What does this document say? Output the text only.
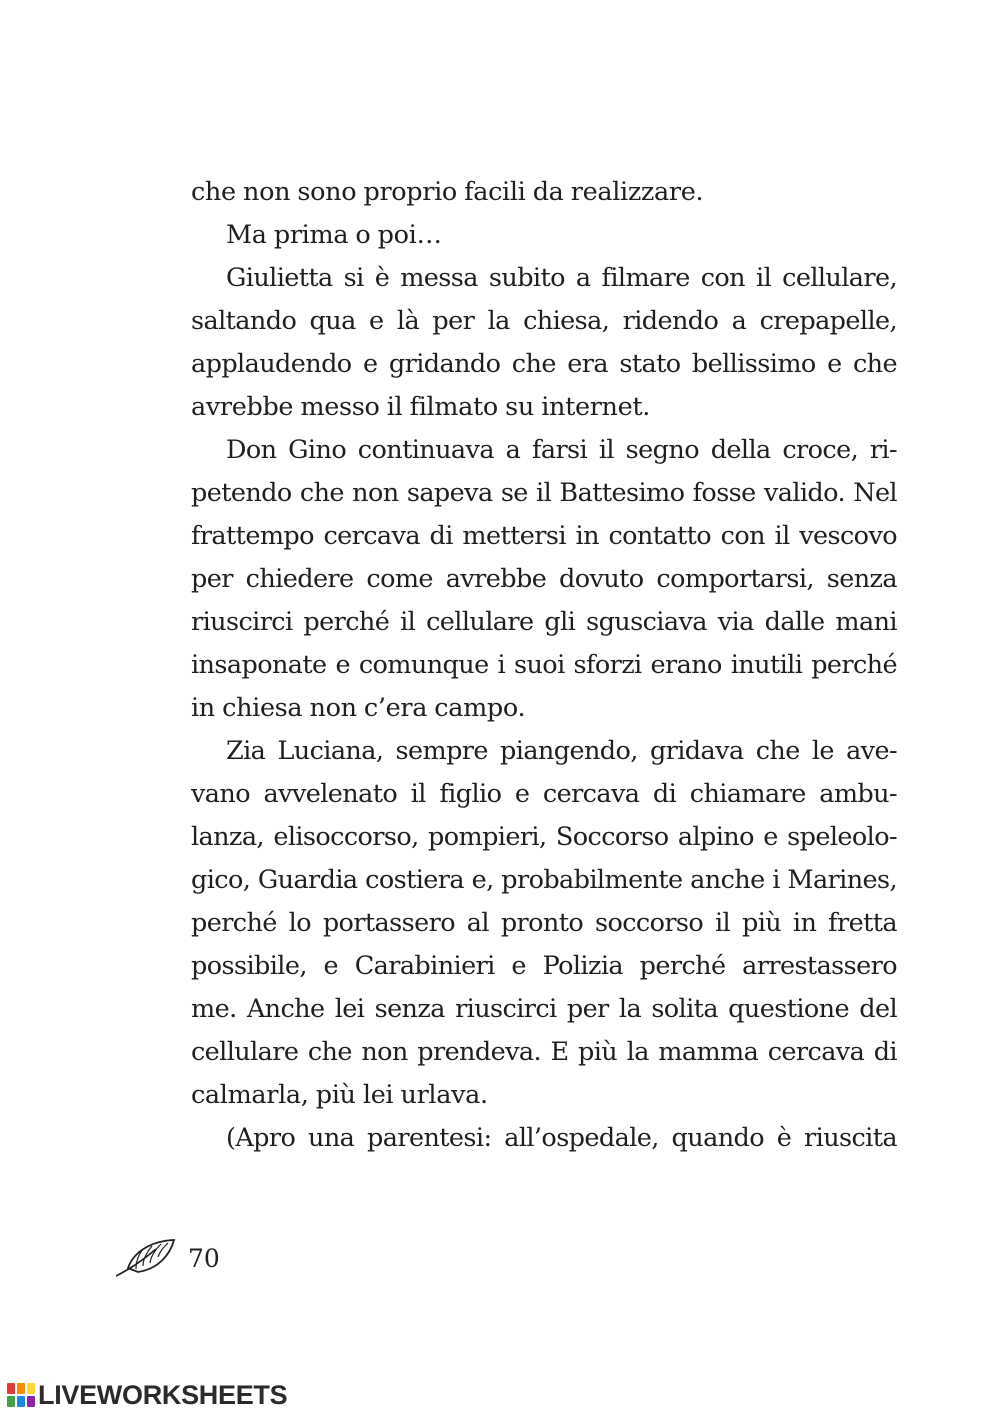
che non sono proprio facili da realizzare.
Ma prima o poi…
Giulietta si è messa subito a filmare con il cellulare,
saltando qua e là per la chiesa, ridendo a crepapelle,
applaudendo e gridando che era stato bellissimo e che
avrebbe messo il filmato su internet.
Don Gino continuava a farsi il segno della croce, ri-
petendo che non sapeva se il Battesimo fosse valido. Nel
frattempo cercava di mettersi in contatto con il vescovo
per chiedere come avrebbe dovuto comportarsi, senza
riuscirci perché il cellulare gli sgusciava via dalle mani
insaponate e comunque i suoi sforzi erano inutili perché
in chiesa non c’era campo.
Zia Luciana, sempre piangendo, gridava che le ave-
vano avvelenato il figlio e cercava di chiamare ambu-
lanza, elisoccorso, pompieri, Soccorso alpino e speleolo-
gico, Guardia costiera e, probabilmente anche i Marines,
perché lo portassero al pronto soccorso il più in fretta
possibile, e Carabinieri e Polizia perché arrestassero
me. Anche lei senza riuscirci per la solita questione del
cellulare che non prendeva. E più la mamma cercava di
calmarla, più lei urlava.
(Apro una parentesi: all’ospedale, quando è riuscita
70
LIVEWORKSHEETS
